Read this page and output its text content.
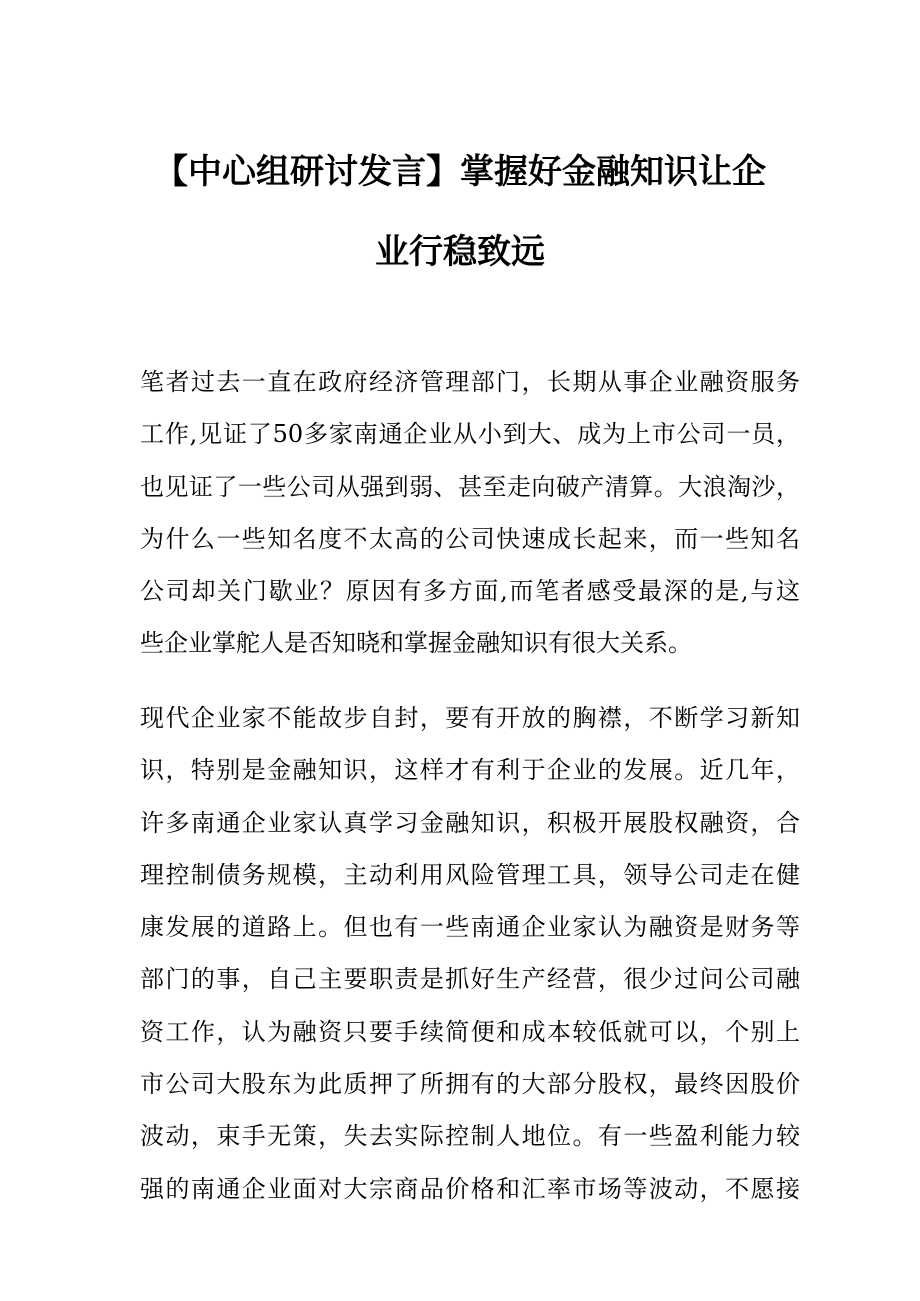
【中心组研讨发言】掌握好金融知识让企
业行稳致远
笔者过去一直在政府经济管理部门，长期从事企业融资服务
工作,见证了50多家南通企业从小到大、成为上市公司一员，
也见证了一些公司从强到弱、甚至走向破产清算。大浪淘沙，
为什么一些知名度不太高的公司快速成长起来，而一些知名
公司却关门歇业？原因有多方面,而笔者感受最深的是,与这
些企业掌舵人是否知晓和掌握金融知识有很大关系。
现代企业家不能故步自封，要有开放的胸襟，不断学习新知
识，特别是金融知识，这样才有利于企业的发展。近几年，
许多南通企业家认真学习金融知识，积极开展股权融资，合
理控制债务规模，主动利用风险管理工具，领导公司走在健
康发展的道路上。但也有一些南通企业家认为融资是财务等
部门的事，自己主要职责是抓好生产经营，很少过问公司融
资工作，认为融资只要手续简便和成本较低就可以，个别上
市公司大股东为此质押了所拥有的大部分股权，最终因股价
波动，束手无策，失去实际控制人地位。有一些盈利能力较
强的南通企业面对大宗商品价格和汇率市场等波动，不愿接
